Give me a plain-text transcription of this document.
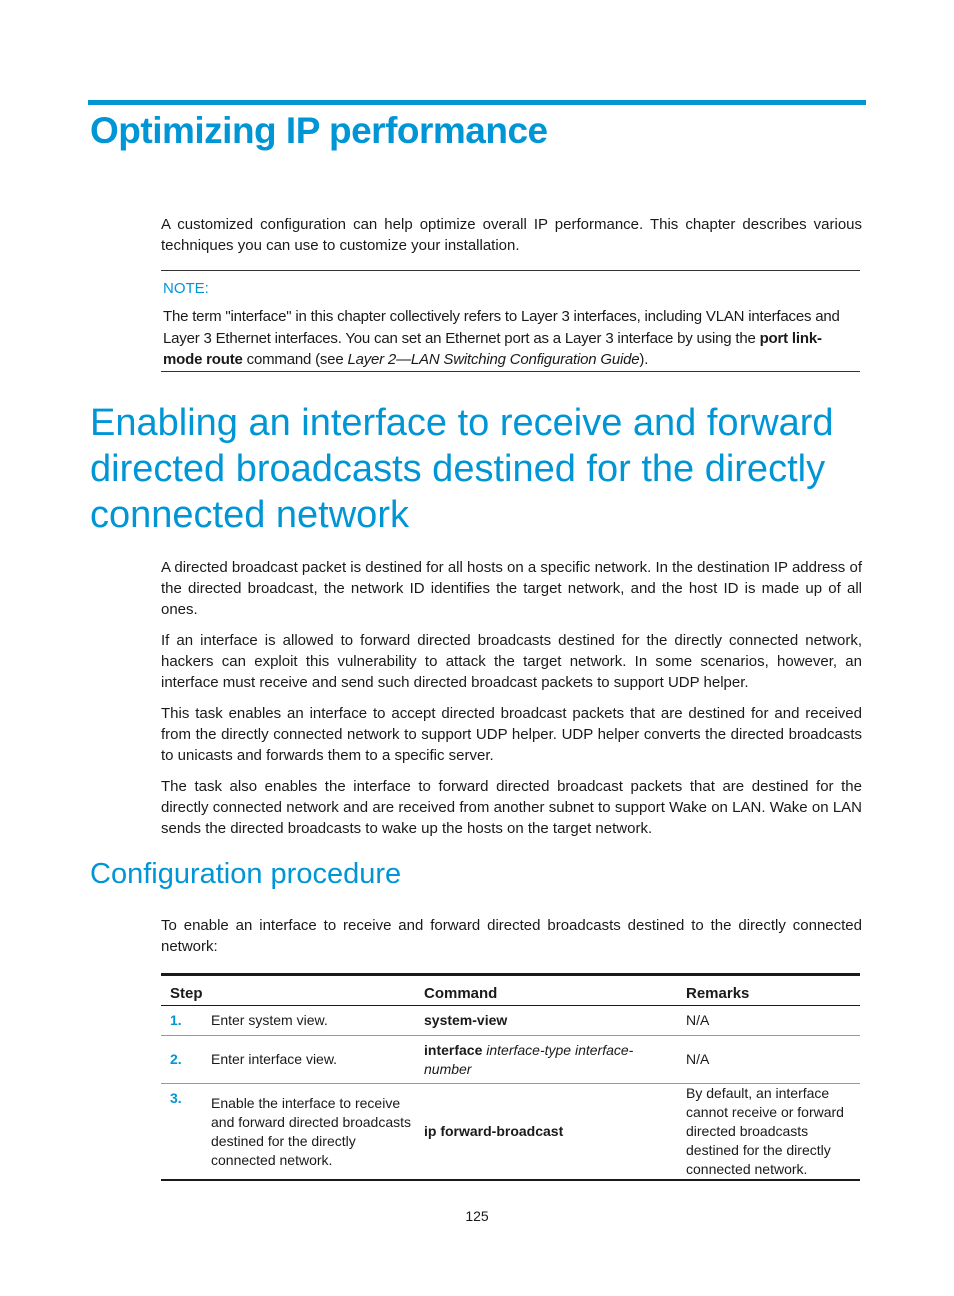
Optimizing IP performance

A customized configuration can help optimize overall IP performance. This chapter describes various techniques you can use to customize your installation.

NOTE:

The term "interface" in this chapter collectively refers to Layer 3 interfaces, including VLAN interfaces and Layer 3 Ethernet interfaces. You can set an Ethernet port as a Layer 3 interface by using the port link-mode route command (see Layer 2—LAN Switching Configuration Guide).

Enabling an interface to receive and forward directed broadcasts destined for the directly connected network

A directed broadcast packet is destined for all hosts on a specific network. In the destination IP address of the directed broadcast, the network ID identifies the target network, and the host ID is made up of all ones.

If an interface is allowed to forward directed broadcasts destined for the directly connected network, hackers can exploit this vulnerability to attack the target network. In some scenarios, however, an interface must receive and send such directed broadcast packets to support UDP helper.

This task enables an interface to accept directed broadcast packets that are destined for and received from the directly connected network to support UDP helper. UDP helper converts the directed broadcasts to unicasts and forwards them to a specific server.

The task also enables the interface to forward directed broadcast packets that are destined for the directly connected network and are received from another subnet to support Wake on LAN. Wake on LAN sends the directed broadcasts to wake up the hosts on the target network.

Configuration procedure

To enable an interface to receive and forward directed broadcasts destined to the directly connected network:

Step		Command	Remarks
1.	Enter system view.	system-view	N/A
2.	Enter interface view.	interface interface-type interface-number	N/A
3.	Enable the interface to receive and forward directed broadcasts destined for the directly connected network.	ip forward-broadcast	By default, an interface cannot receive or forward directed broadcasts destined for the directly connected network.
125
